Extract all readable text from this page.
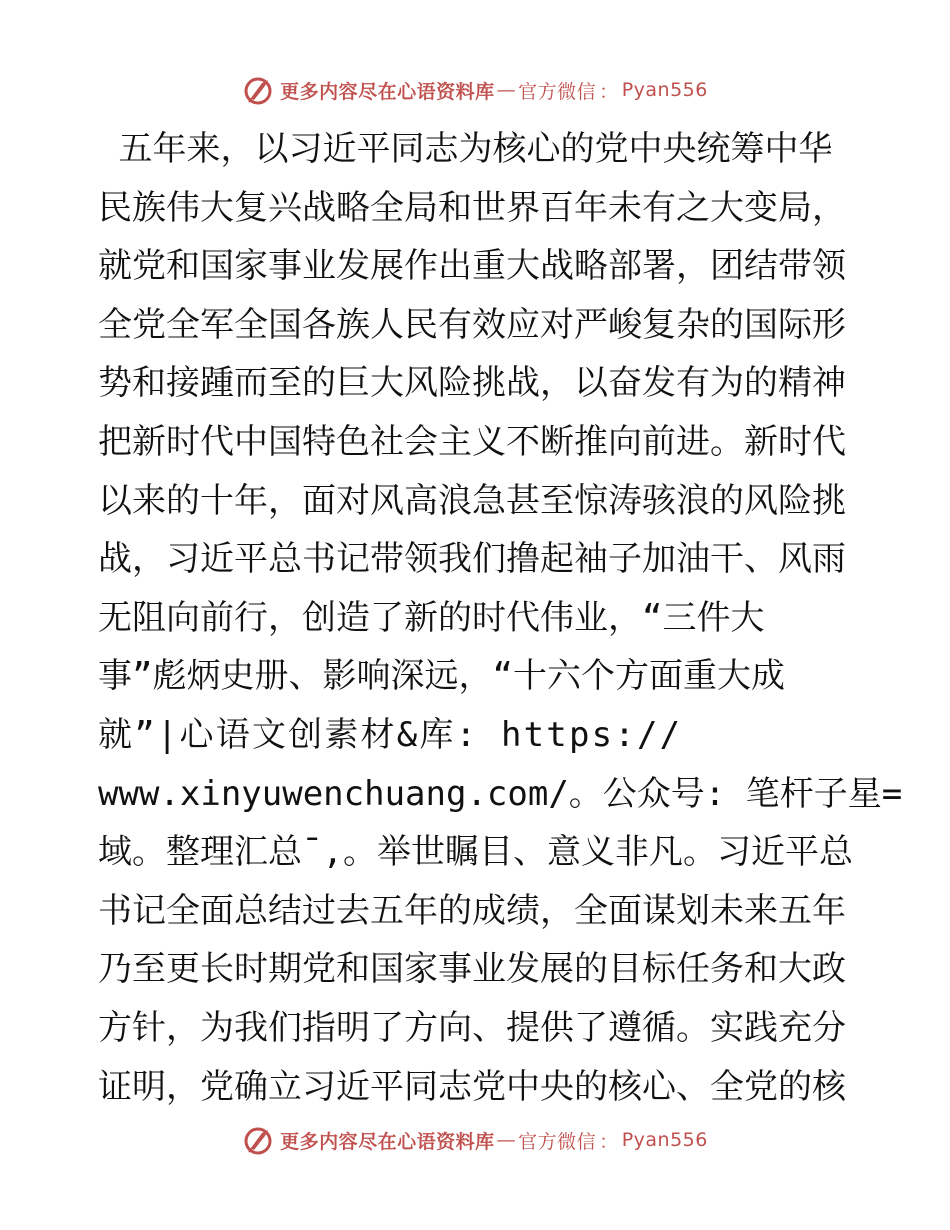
更多内容尽在心语资料库 — 官方微信 ： Pyan556
五年来，以习近平同志为核心的党中央统筹中华
民族伟大复兴战略全局和世界百年未有之大变局，
就党和国家事业发展作出重大战略部署，团结带领
全党全军全国各族人民有效应对严峻复杂的国际形
势和接踵而至的巨大风险挑战，以奋发有为的精神
把新时代中国特色社会主义不断推向前进。新时代
以来的十年，面对风高浪急甚至惊涛骇浪的风险挑
战，习近平总书记带领我们撸起袖子加油干、风雨
无阻向前行，创造了新的时代伟业，“三件大
事”彪炳史册、影响深远，“十六个方面重大成
就”|心语文创素材&库: https://
www.xinyuwenchuang.com/。公众号: 笔杆子星=
域。整理汇总¯,。举世瞩目、意义非凡。习近平总
书记全面总结过去五年的成绩，全面谋划未来五年
乃至更长时期党和国家事业发展的目标任务和大政
方针，为我们指明了方向、提供了遵循。实践充分
证明，党确立习近平同志党中央的核心、全党的核
更多内容尽在心语资料库 — 官方微信 ： Pyan556
